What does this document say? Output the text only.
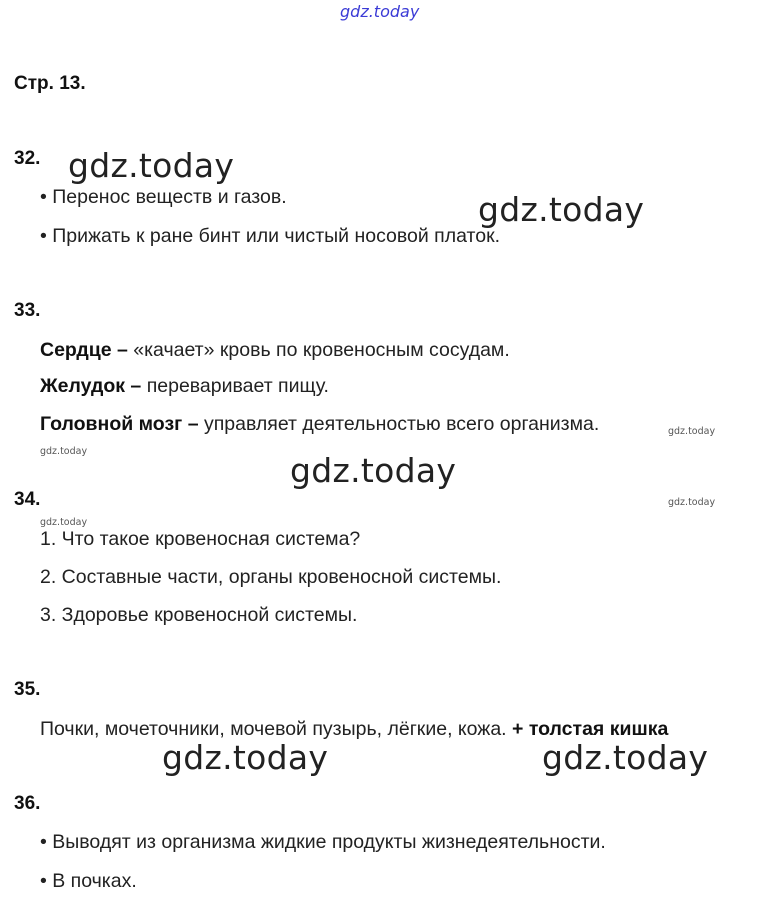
gdz.today
Стр. 13.
32. gdz.today
• Перенос веществ и газов.	gdz.today
• Прижать к ране бинт или чистый носовой платок.
33.
Сердце – «качает» кровь по кровеносным сосудам.
Желудок – переваривает пищу.
Головной мозг – управляет деятельностью всего организма.	gdz.today
gdz.today	gdz.today
34.	gdz.today
gdz.today
1. Что такое кровеносная система?
2. Составные части, органы кровеносной системы.
3. Здоровье кровеносной системы.
35.
Почки, мочеточники, мочевой пузырь, лёгкие, кожа. + толстая кишка
gdz.today	gdz.today
36.
• Выводят из организма жидкие продукты жизнедеятельности.
• В почках.
